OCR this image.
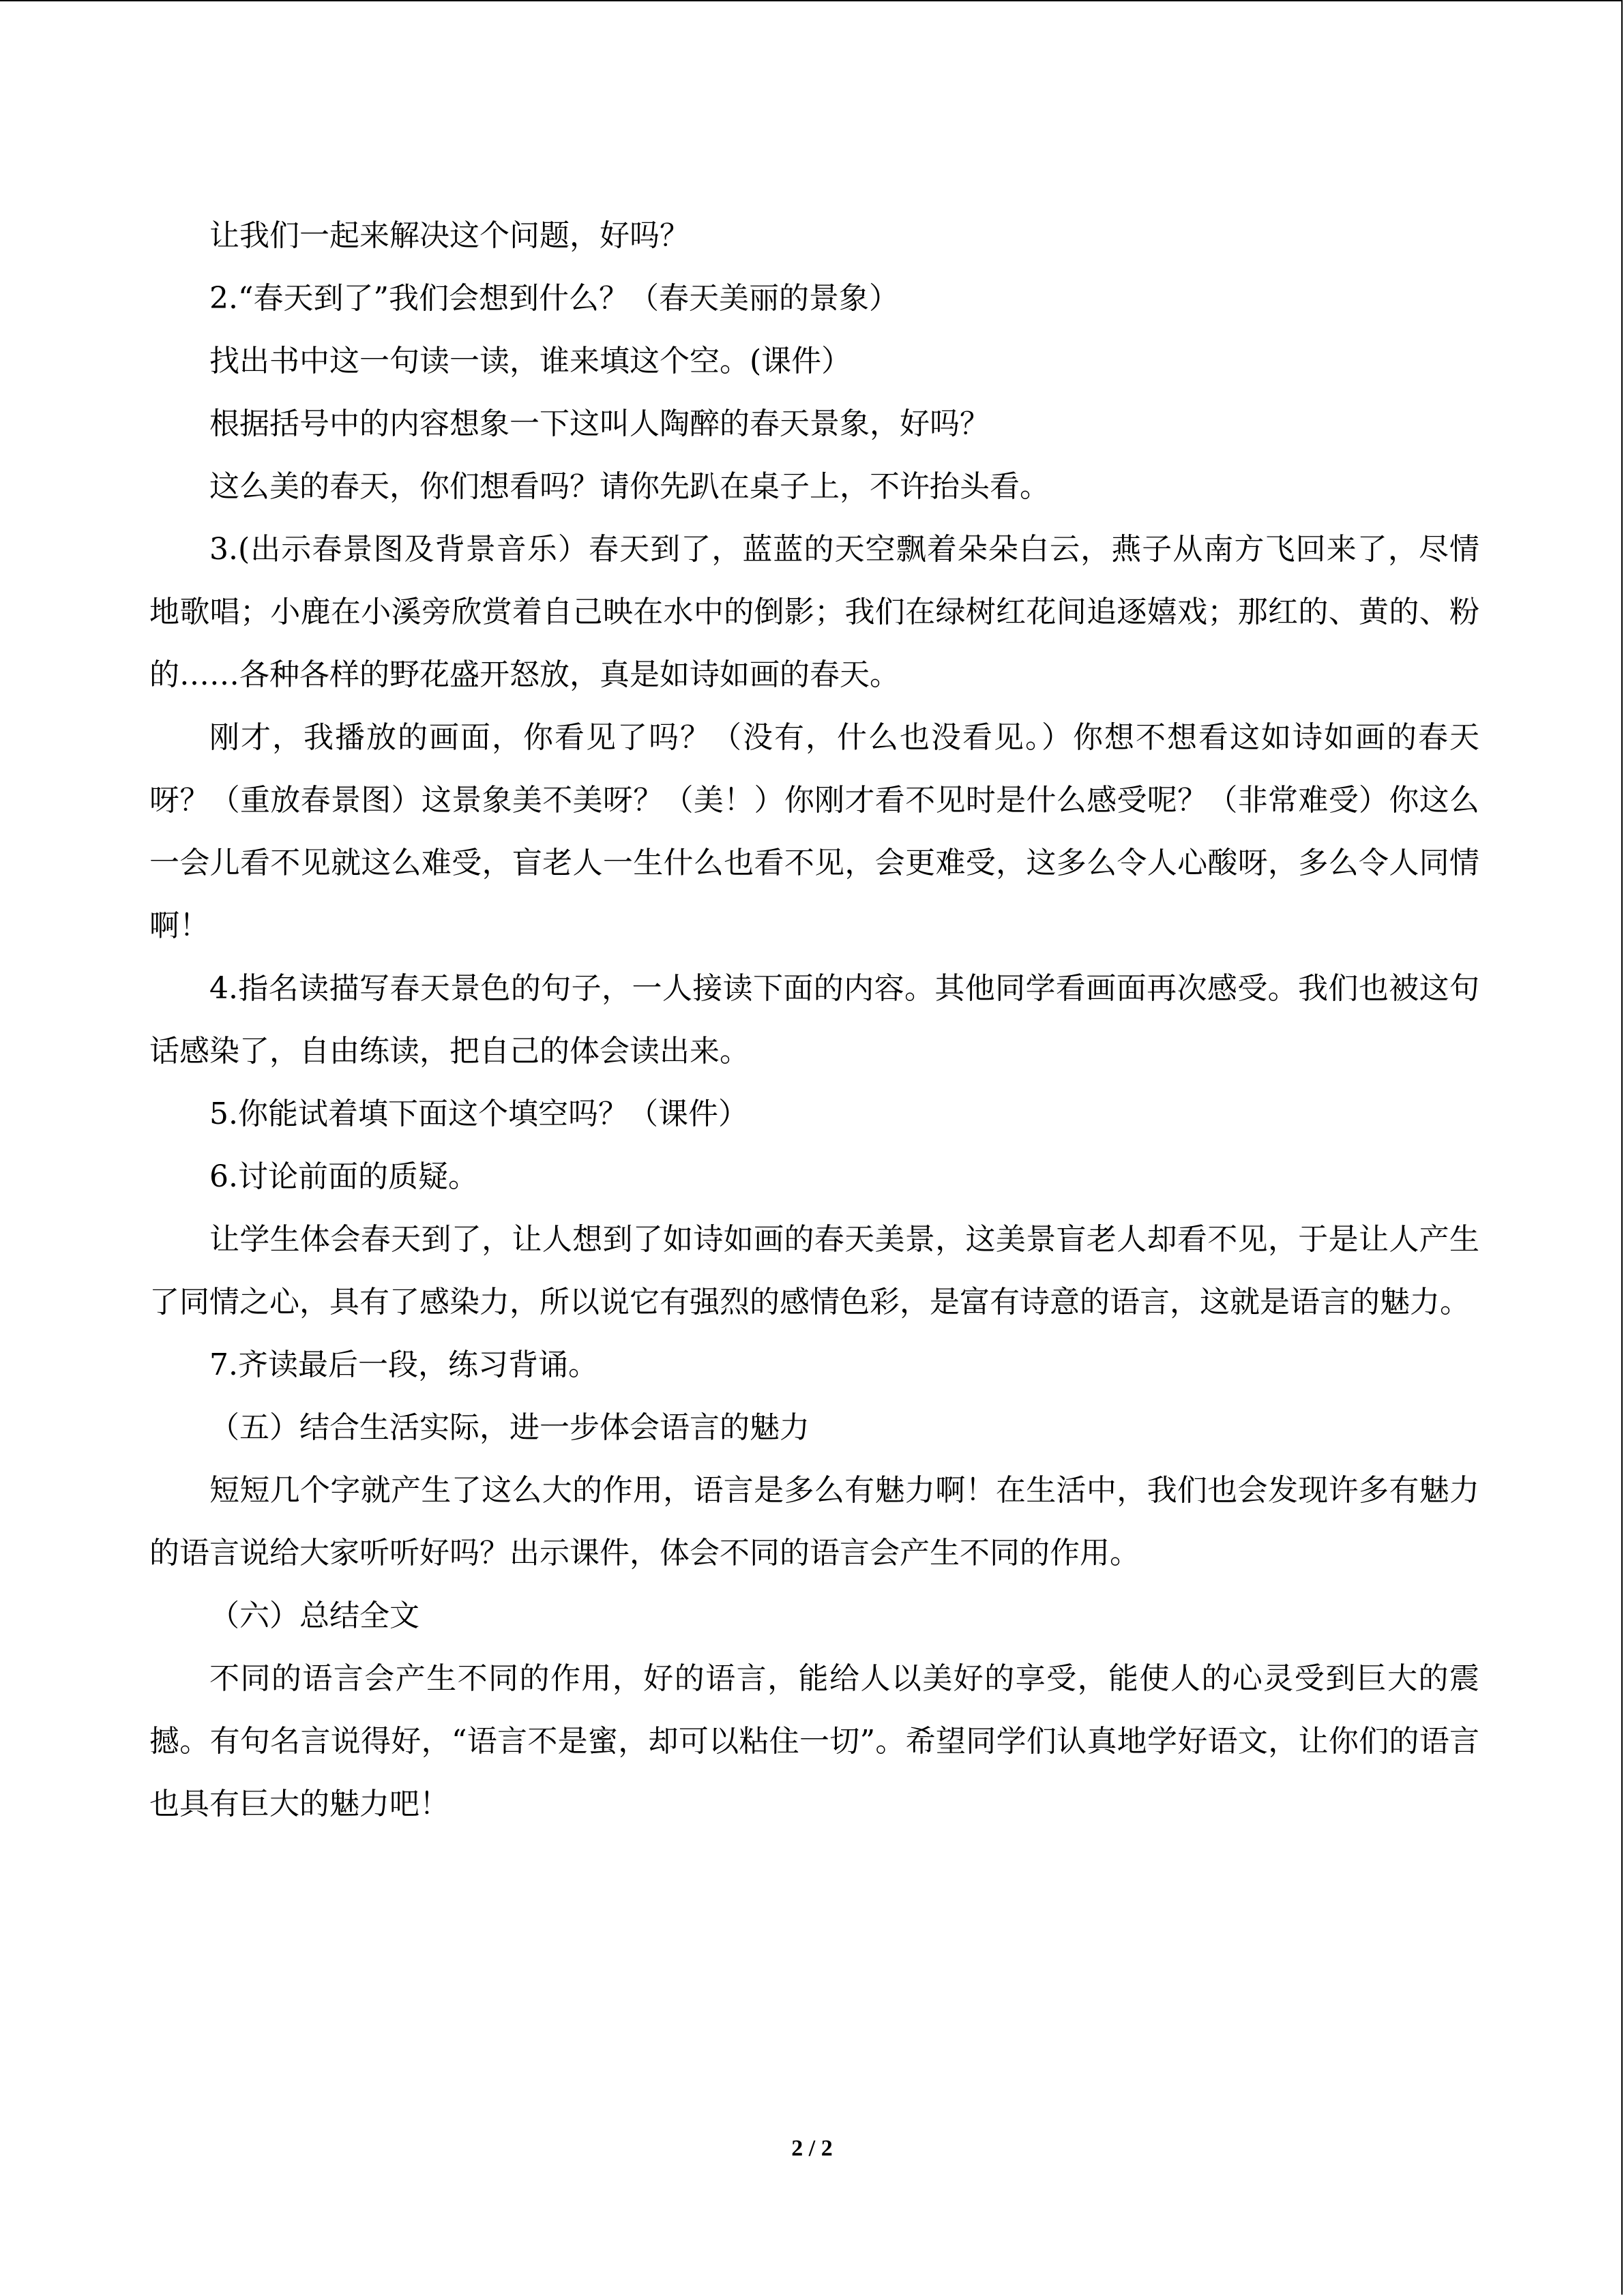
让我们一起来解决这个问题，好吗？

2.“春天到了”我们会想到什么？（春天美丽的景象）

找出书中这一句读一读，谁来填这个空。(课件）

根据括号中的内容想象一下这叫人陶醉的春天景象，好吗？

这么美的春天，你们想看吗？请你先趴在桌子上，不许抬头看。

3.(出示春景图及背景音乐）春天到了，蓝蓝的天空飘着朵朵白云，燕子从南方飞回来了，尽情地歌唱；小鹿在小溪旁欣赏着自己映在水中的倒影；我们在绿树红花间追逐嬉戏；那红的、黄的、粉的……各种各样的野花盛开怒放，真是如诗如画的春天。

刚才，我播放的画面，你看见了吗？（没有，什么也没看见。）你想不想看这如诗如画的春天呀？（重放春景图）这景象美不美呀？（美！）你刚才看不见时是什么感受呢？（非常难受）你这么一会儿看不见就这么难受，盲老人一生什么也看不见，会更难受，这多么令人心酸呀，多么令人同情啊！

4.指名读描写春天景色的句子，一人接读下面的内容。其他同学看画面再次感受。我们也被这句话感染了，自由练读，把自己的体会读出来。

5.你能试着填下面这个填空吗？（课件）

6.讨论前面的质疑。

让学生体会春天到了，让人想到了如诗如画的春天美景，这美景盲老人却看不见，于是让人产生了同情之心，具有了感染力，所以说它有强烈的感情色彩，是富有诗意的语言，这就是语言的魅力。

7.齐读最后一段，练习背诵。

（五）结合生活实际，进一步体会语言的魅力

短短几个字就产生了这么大的作用，语言是多么有魅力啊！在生活中，我们也会发现许多有魅力的语言说给大家听听好吗？出示课件，体会不同的语言会产生不同的作用。

（六）总结全文

不同的语言会产生不同的作用，好的语言，能给人以美好的享受，能使人的心灵受到巨大的震撼。有句名言说得好，“语言不是蜜，却可以粘住一切”。希望同学们认真地学好语文，让你们的语言也具有巨大的魅力吧！

2 / 2
